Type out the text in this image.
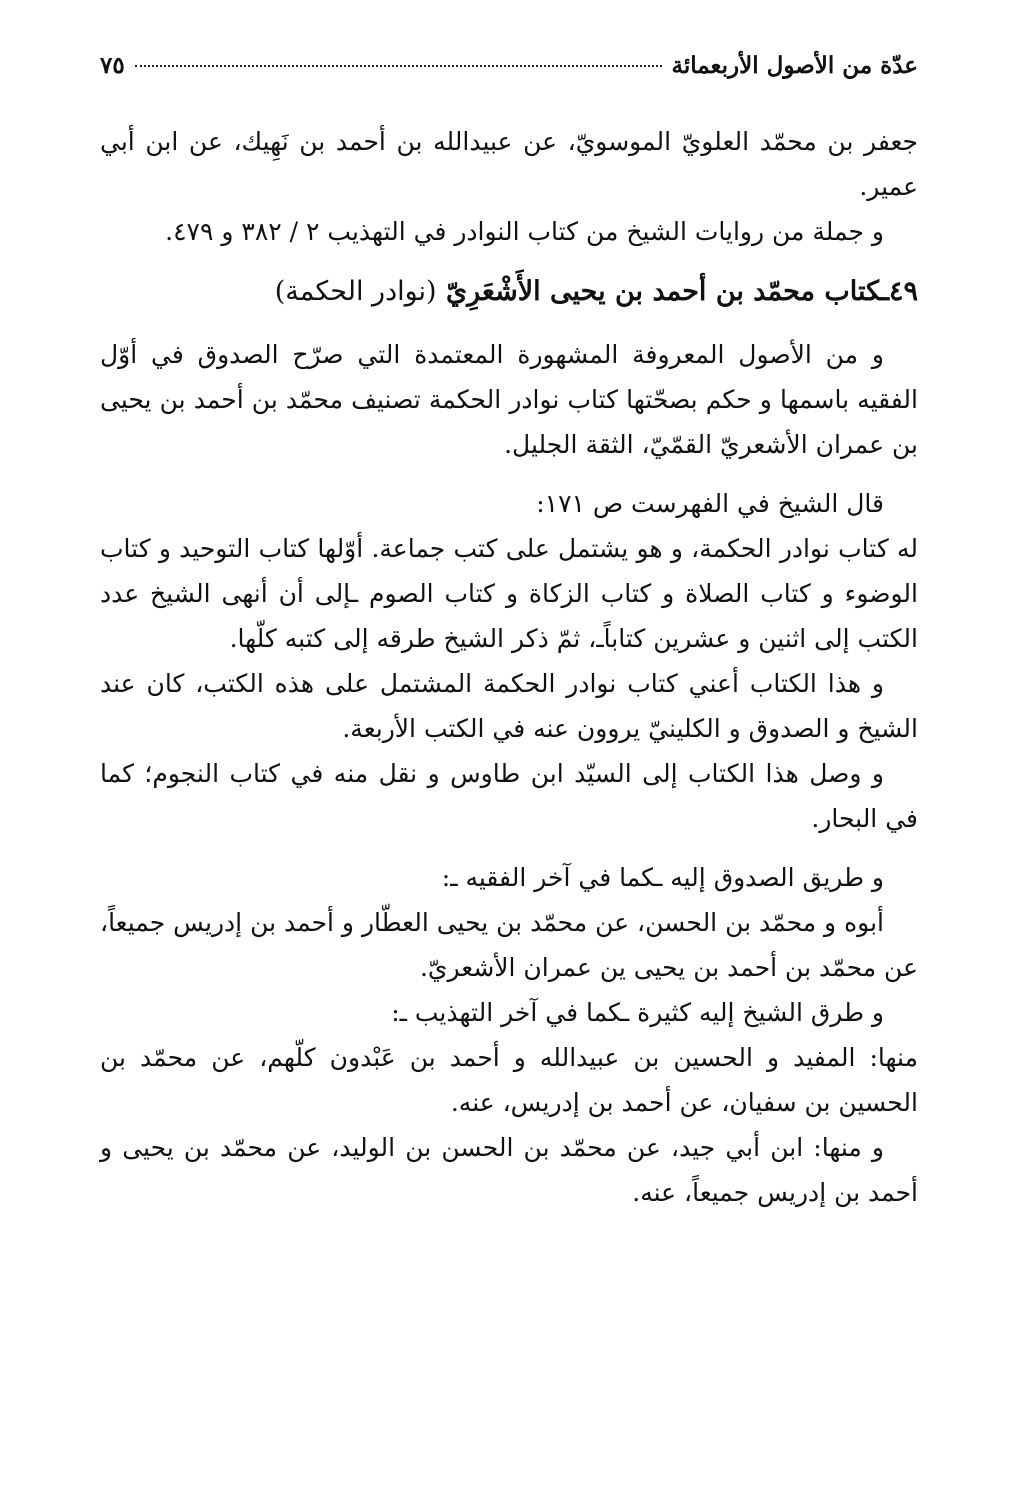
عدّة من الأصول الأربعمائة
٧٥

جعفر بن محمّد العلويّ الموسويّ، عن عبيدالله بن أحمد بن نَهِيك، عن ابن أبي عمير.

و جملة من روايات الشيخ من كتاب النوادر في التهذيب ٢ / ٣٨٢ و ٤٧٩.

٤٩ـكتاب محمّد بن أحمد بن يحيى الأَشْعَرِيّ (نوادر الحكمة)

و من الأصول المعروفة المشهورة المعتمدة التي صرّح الصدوق في أوّل الفقيه باسمها و حكم بصحّتها كتاب نوادر الحكمة تصنيف محمّد بن أحمد بن يحيى بن عمران الأشعريّ القمّيّ، الثقة الجليل.

قال الشيخ في الفهرست ص ١٧١:

له كتاب نوادر الحكمة، و هو يشتمل على كتب جماعة. أوّلها كتاب التوحيد و كتاب الوضوء و كتاب الصلاة و كتاب الزكاة و كتاب الصوم ـإلى أن أنهى الشيخ عدد الكتب إلى اثنين و عشرين كتاباًـ، ثمّ ذكر الشيخ طرقه إلى كتبه كلّها.

و هذا الكتاب أعني كتاب نوادر الحكمة المشتمل على هذه الكتب، كان عند الشيخ و الصدوق و الكلينيّ يروون عنه في الكتب الأربعة.

و وصل هذا الكتاب إلى السيّد ابن طاوس و نقل منه في كتاب النجوم؛ كما في البحار.

و طريق الصدوق إليه ـكما في آخر الفقيه ـ:

أبوه و محمّد بن الحسن، عن محمّد بن يحيى العطّار و أحمد بن إدريس جميعاً، عن محمّد بن أحمد بن يحيى ين عمران الأشعريّ.

و طرق الشيخ إليه كثيرة ـكما في آخر التهذيب ـ:

منها: المفيد و الحسين بن عبيدالله و أحمد بن عَبْدون كلّهم، عن محمّد بن الحسين بن سفيان، عن أحمد بن إدريس، عنه.

و منها: ابن أبي جيد، عن محمّد بن الحسن بن الوليد، عن محمّد بن يحيى و أحمد بن إدريس جميعاً، عنه.
